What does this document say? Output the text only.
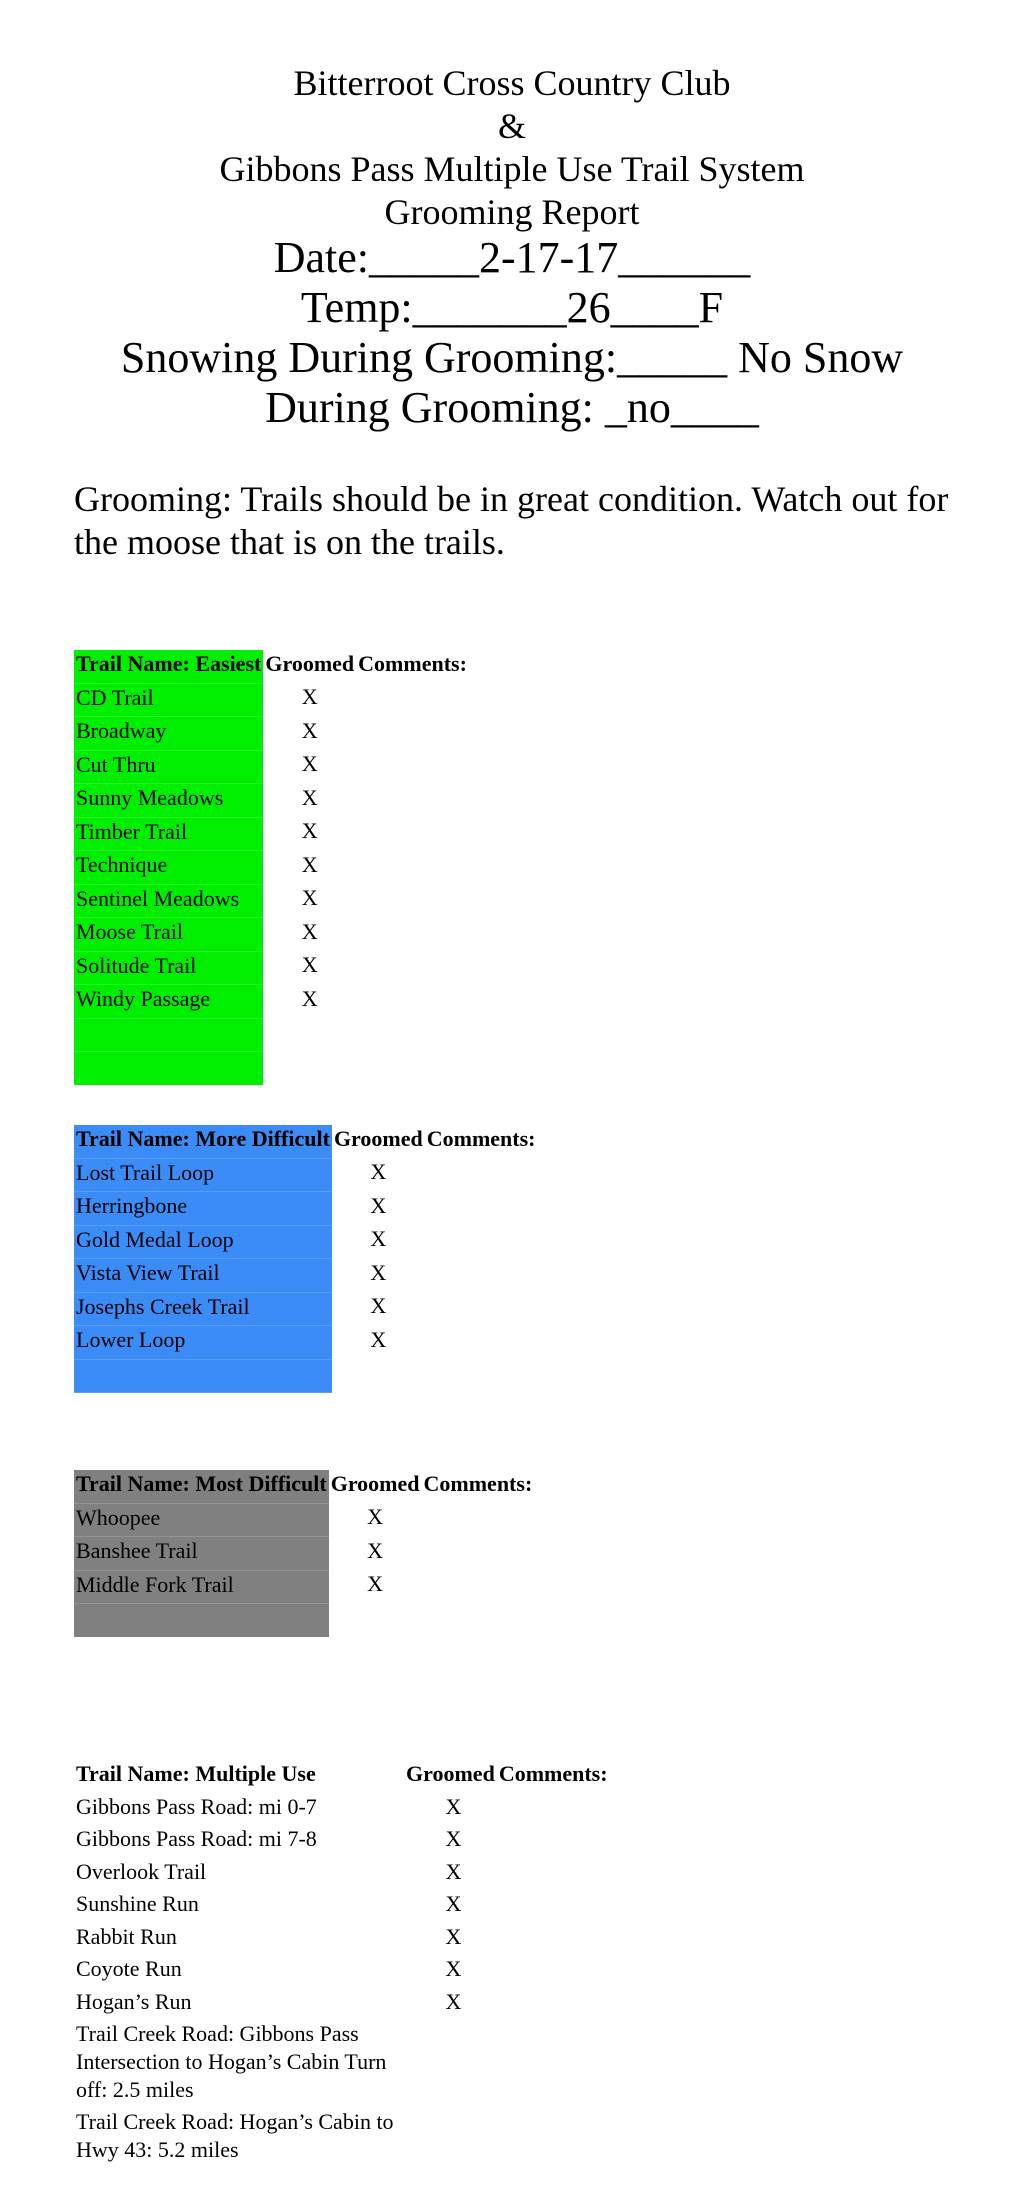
Bitterroot Cross Country Club
&
Gibbons Pass Multiple Use Trail System
Grooming Report
Date:_____2-17-17______
Temp:_______26____F
Snowing During Grooming:_____ No Snow
During Grooming: _no____
Grooming: Trails should be in great condition. Watch out for the moose that is on the trails.
Trail Name: Easiest	Groomed	Comments:
CD Trail	X	
Broadway	X	
Cut Thru	X	
Sunny Meadows	X	
Timber Trail	X	
Technique	X	
Sentinel Meadows	X	
Moose Trail	X	
Solitude Trail	X	
Windy Passage	X	

Trail Name: More Difficult	Groomed	Comments:
Lost Trail Loop	X	
Herringbone	X	
Gold Medal Loop	X	
Vista View Trail	X	
Josephs Creek Trail	X	
Lower Loop	X	

Trail Name: Most Difficult	Groomed	Comments:
Whoopee	X	
Banshee Trail	X	
Middle Fork Trail	X	

Trail Name: Multiple Use	Groomed	Comments:
Gibbons Pass Road: mi 0-7	X	
Gibbons Pass Road: mi 7-8	X	
Overlook Trail	X	
Sunshine Run	X	
Rabbit Run	X	
Coyote Run	X	
Hogan’s Run	X	
Trail Creek Road: Gibbons Pass Intersection to Hogan’s Cabin Turn off: 2.5 miles		
Trail Creek Road: Hogan’s Cabin to Hwy 43: 5.2 miles		
